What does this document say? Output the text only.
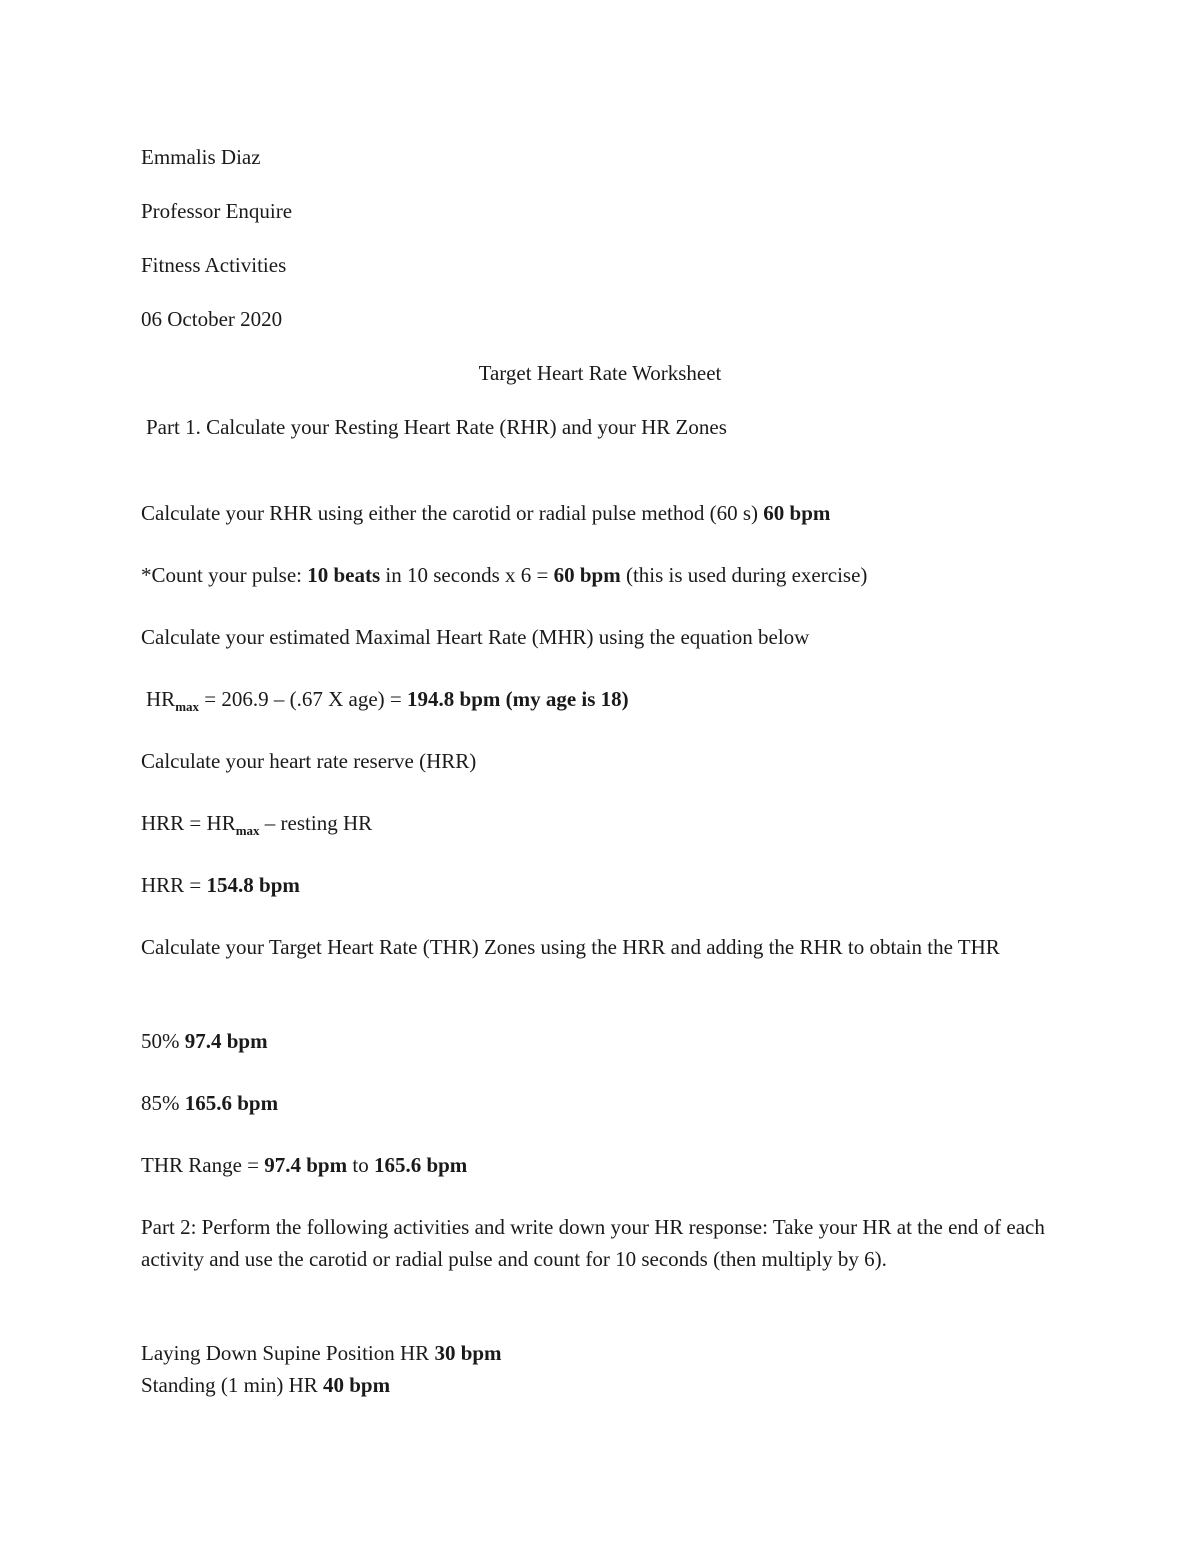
Emmalis Diaz

Professor Enquire

Fitness Activities

06 October 2020

Target Heart Rate Worksheet

Part 1. Calculate your Resting Heart Rate (RHR) and your HR Zones

Calculate your RHR using either the carotid or radial pulse method (60 s) 60 bpm

*Count your pulse: 10 beats in 10 seconds x 6 = 60 bpm (this is used during exercise)

Calculate your estimated Maximal Heart Rate (MHR) using the equation below

$HR_{max} = 206.9 - (.67$ X age) = 194.8 bpm (my age is 18)

Calculate your heart rate reserve (HRR)

HRR = $HR_{max}$ – resting HR

HRR = 154.8 bpm

Calculate your Target Heart Rate (THR) Zones using the HRR and adding the RHR to obtain the THR

50% 97.4 bpm

85% 165.6 bpm

THR Range = 97.4 bpm to 165.6 bpm

Part 2: Perform the following activities and write down your HR response: Take your HR at the end of each activity and use the carotid or radial pulse and count for 10 seconds (then multiply by 6).

Laying Down Supine Position HR 30 bpm

Standing (1 min) HR 40 bpm
